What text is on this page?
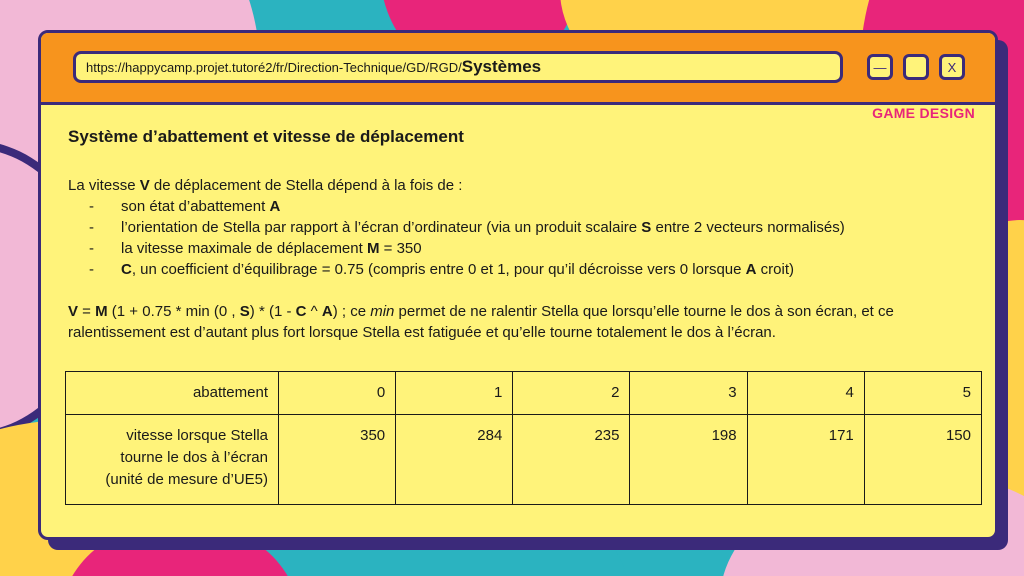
https://happycamp.projet.tutoré2/fr/Direction-Technique/GD/RGD/ Systèmes	—	X
GAME DESIGN
Système d’abattement et vitesse de déplacement
La vitesse V de déplacement de Stella dépend à la fois de :
- son état d’abattement A
- l’orientation de Stella par rapport à l’écran d’ordinateur (via un produit scalaire S entre 2 vecteurs normalisés)
- la vitesse maximale de déplacement M = 350
- C, un coefficient d’équilibrage = 0.75 (compris entre 0 et 1, pour qu’il décroisse vers 0 lorsque A croit)
V = M (1 + 0.75 * min (0 , S) * (1 - C ^ A) ; ce min permet de ne ralentir Stella que lorsqu’elle tourne le dos à son écran, et ce ralentissement est d’autant plus fort lorsque Stella est fatiguée et qu’elle tourne totalement le dos à l’écran.
abattement	0	1	2	3	4	5
vitesse lorsque Stella
tourne le dos à l’écran
(unité de mesure d’UE5)	350	284	235	198	171	150
